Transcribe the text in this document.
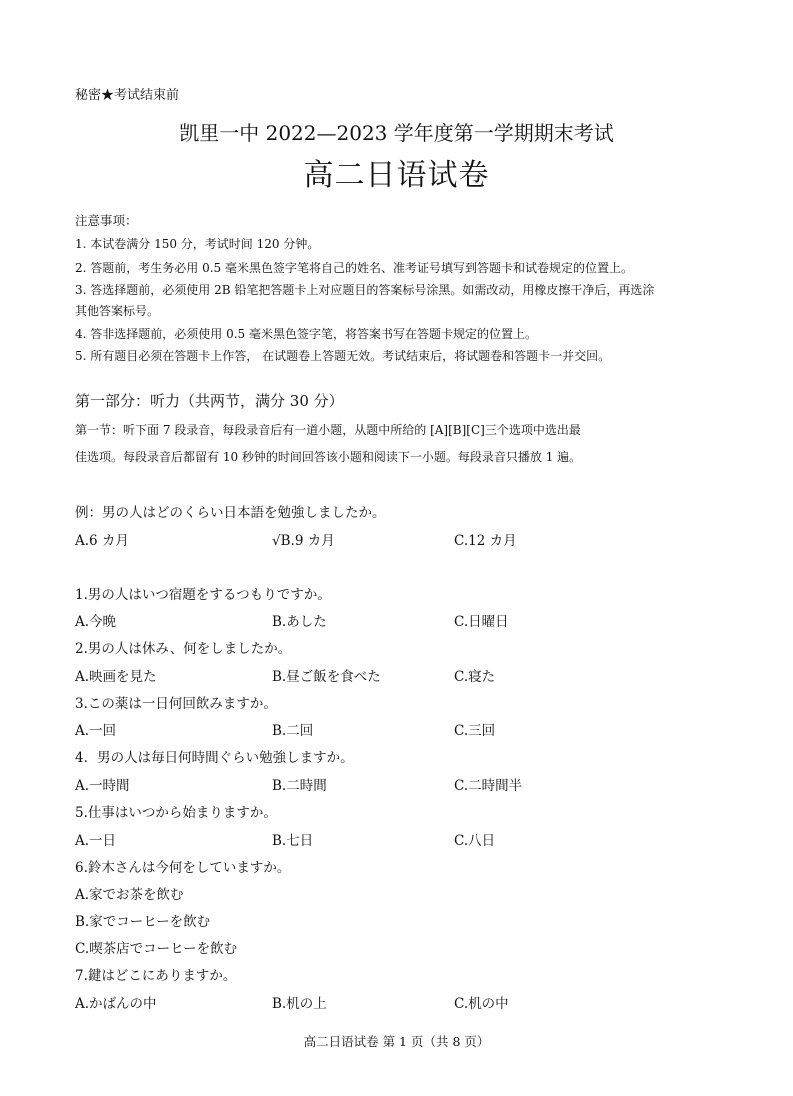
秘密★考试结束前
凯里一中 2022—2023 学年度第一学期期末考试
高二日语试卷
注意事项：
1. 本试卷满分 150 分，考试时间 120 分钟。
2. 答题前，考生务必用 0.5 毫米黑色签字笔将自己的姓名、准考证号填写到答题卡和试卷规定的位置上。
3. 答选择题前，必须使用 2B 铅笔把答题卡上对应题目的答案标号涂黑。如需改动，用橡皮擦干净后，再选涂
其他答案标号。
4. 答非选择题前，必须使用 0.5 毫米黑色签字笔，将答案书写在答题卡规定的位置上。
5. 所有题目必须在答题卡上作答， 在试题卷上答题无效。考试结束后，将试题卷和答题卡一并交回。
第一部分：听力（共两节，满分 30 分）
第一节：听下面 7 段录音，每段录音后有一道小题，从题中所给的 [A][B][C]三个选项中选出最
佳选项。每段录音后都留有 10 秒钟的时间回答该小题和阅读下一小题。每段录音只播放 1 遍。
例：男の人はどのくらい日本語を勉強しましたか。
A.6 カ月	√B.9 カ月	C.12 カ月
1.男の人はいつ宿題をするつもりですか。
A.今晩	B.あした	C.日曜日
2.男の人は休み、何をしましたか。
A.映画を見た	B.昼ご飯を食べた	C.寝た
3.この薬は一日何回飲みますか。
A.一回	B.二回	C.三回
4．男の人は毎日何時間ぐらい勉強しますか。
A.一時間	B.二時間	C.二時間半
5.仕事はいつから始まりますか。
A.一日	B.七日	C.八日
6.鈴木さんは今何をしていますか。
A.家でお茶を飲む
B.家でコーヒーを飲む
C.喫茶店でコーヒーを飲む
7.鍵はどこにありますか。
A.かばんの中	B.机の上	C.机の中
高二日语试卷 第 1 页（共 8 页）
